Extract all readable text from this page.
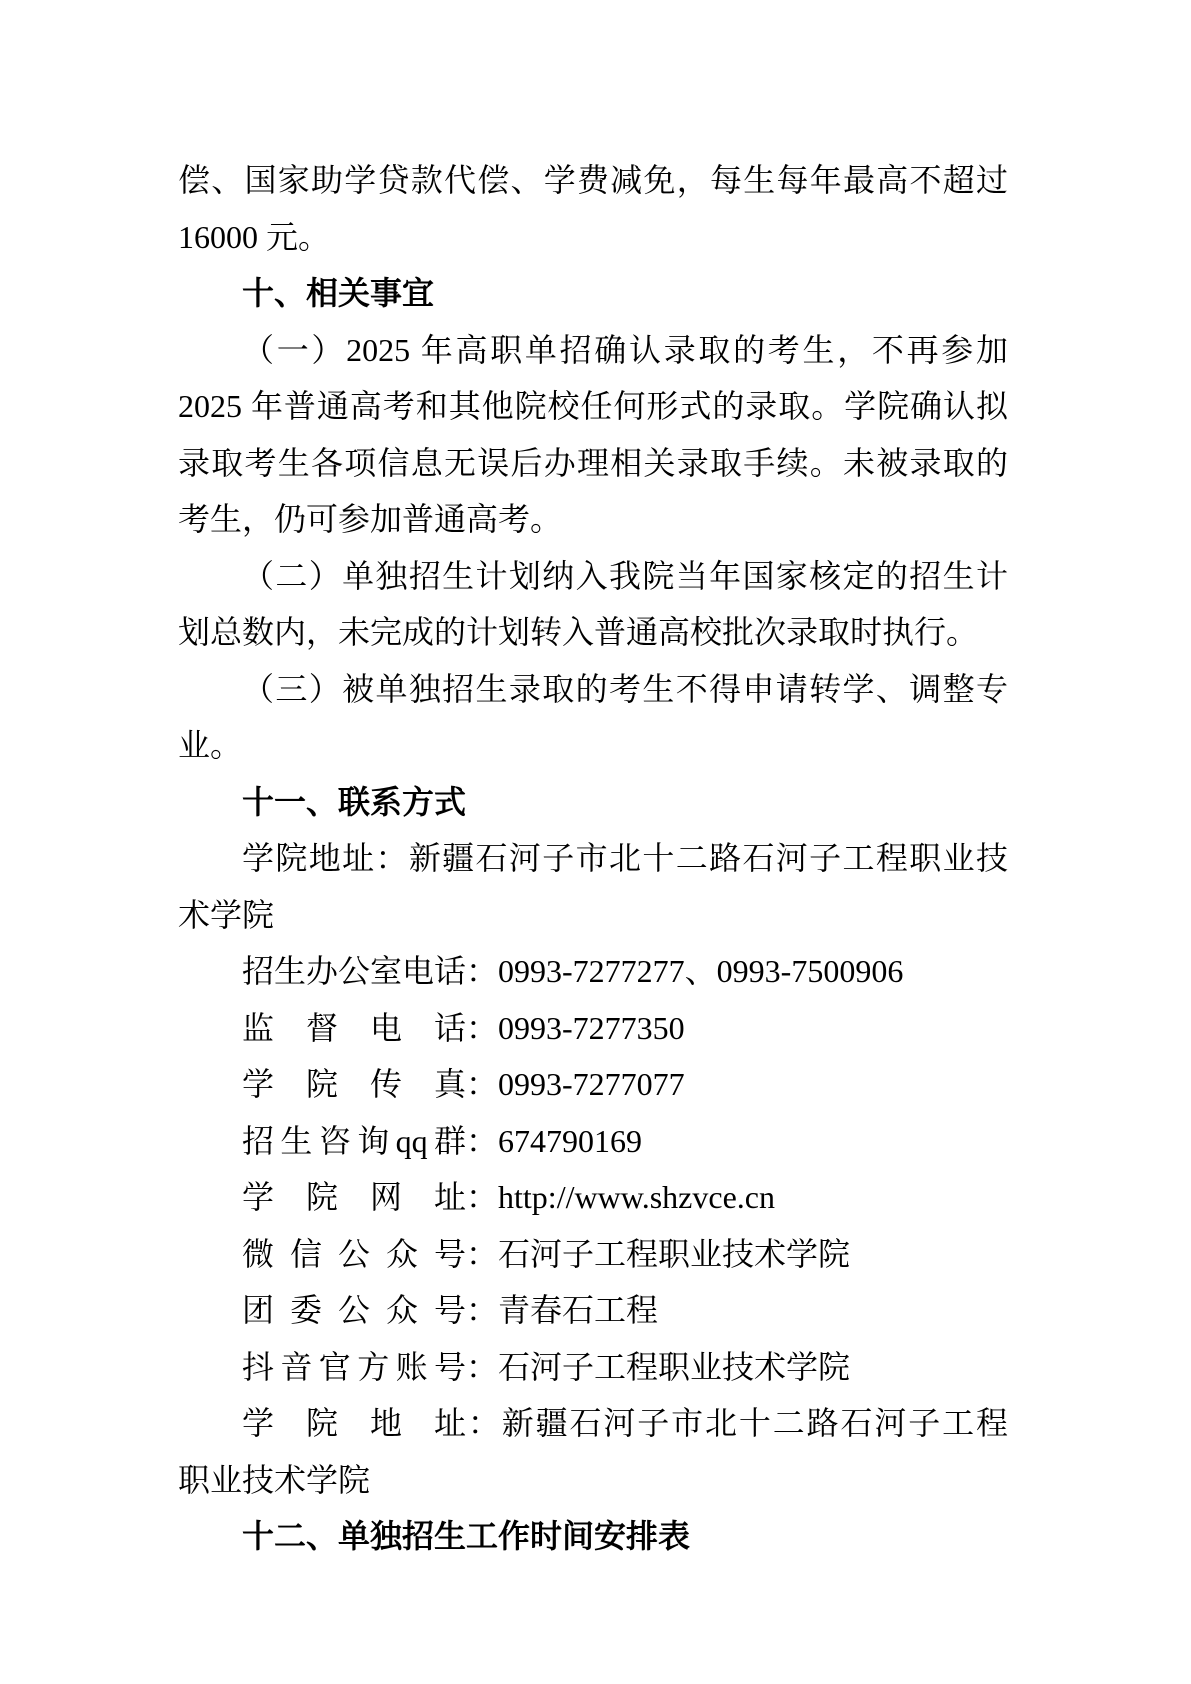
偿、国家助学贷款代偿、学费减免，每生每年最高不超过 16000 元。
十、相关事宜
（一）2025 年高职单招确认录取的考生，不再参加 2025 年普通高考和其他院校任何形式的录取。学院确认拟录取考生各项信息无误后办理相关录取手续。未被录取的考生，仍可参加普通高考。
（二）单独招生计划纳入我院当年国家核定的招生计划总数内，未完成的计划转入普通高校批次录取时执行。
（三）被单独招生录取的考生不得申请转学、调整专业。
十一、联系方式
学院地址：新疆石河子市北十二路石河子工程职业技术学院
招生办公室电话：0993-7277277、0993-7500906
监督电话：0993-7277350
学院传真：0993-7277077
招生咨询qq群：674790169
学院网址：http://www.shzvce.cn
微信公众号：石河子工程职业技术学院
团委公众号：青春石工程
抖音官方账号：石河子工程职业技术学院
学院地址：新疆石河子市北十二路石河子工程职业技术学院
十二、单独招生工作时间安排表
